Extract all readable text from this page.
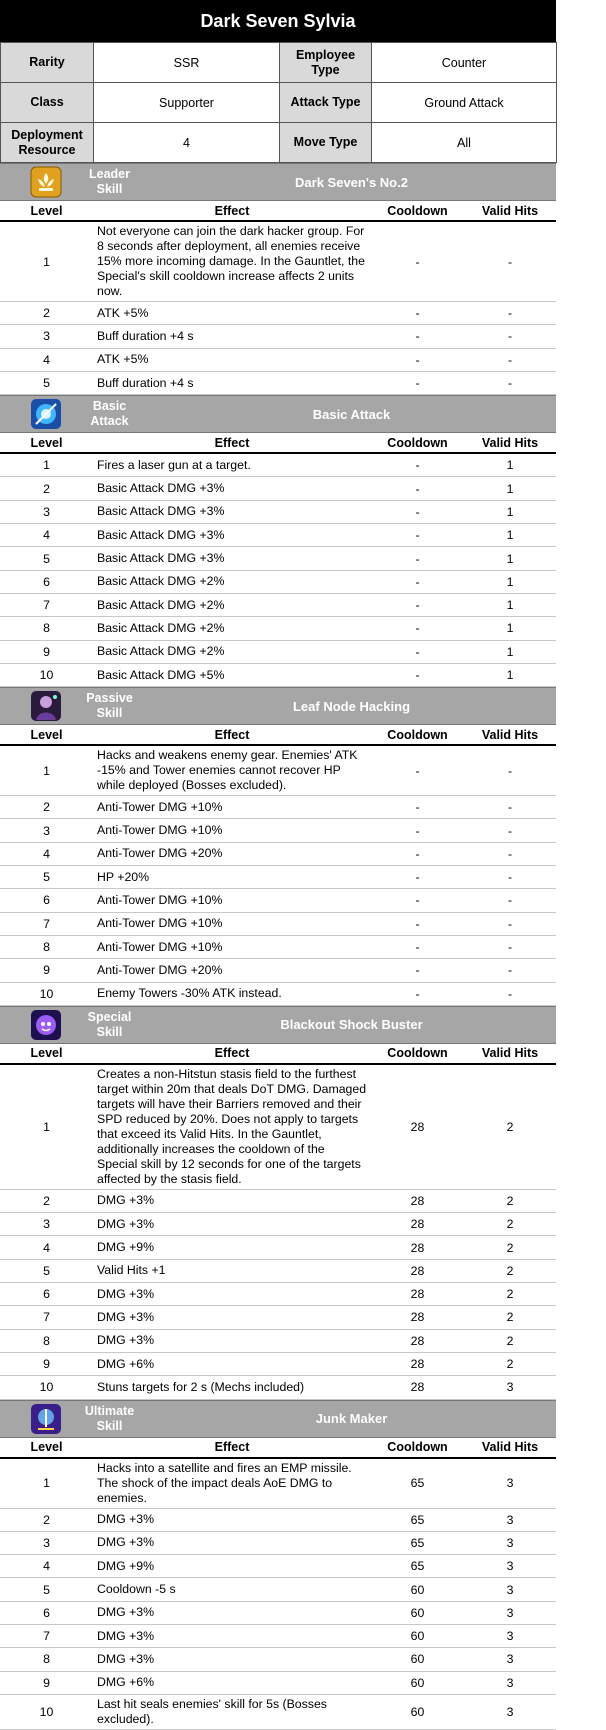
Dark Seven Sylvia
Rarity	SSR	Employee Type	Counter
Class	Supporter	Attack Type	Ground Attack
Deployment Resource	4	Move Type	All
Leader Skill	Dark Seven's No.2
Level	Effect	Cooldown	Valid Hits
1	Not everyone can join the dark hacker group. For 8 seconds after deployment, all enemies receive 15% more incoming damage. In the Gauntlet, the Special's skill cooldown increase affects 2 units now.	-	-
2	ATK +5%	-	-
3	Buff duration +4 s	-	-
4	ATK +5%	-	-
5	Buff duration +4 s	-	-
Basic Attack	Basic Attack
Level	Effect	Cooldown	Valid Hits
1	Fires a laser gun at a target.	-	1
2	Basic Attack DMG +3%	-	1
3	Basic Attack DMG +3%	-	1
4	Basic Attack DMG +3%	-	1
5	Basic Attack DMG +3%	-	1
6	Basic Attack DMG +2%	-	1
7	Basic Attack DMG +2%	-	1
8	Basic Attack DMG +2%	-	1
9	Basic Attack DMG +2%	-	1
10	Basic Attack DMG +5%	-	1
Passive Skill	Leaf Node Hacking
Level	Effect	Cooldown	Valid Hits
1	Hacks and weakens enemy gear. Enemies' ATK -15% and Tower enemies cannot recover HP while deployed (Bosses excluded).	-	-
2	Anti-Tower DMG +10%	-	-
3	Anti-Tower DMG +10%	-	-
4	Anti-Tower DMG +20%	-	-
5	HP +20%	-	-
6	Anti-Tower DMG +10%	-	-
7	Anti-Tower DMG +10%	-	-
8	Anti-Tower DMG +10%	-	-
9	Anti-Tower DMG +20%	-	-
10	Enemy Towers -30% ATK instead.	-	-
Special Skill	Blackout Shock Buster
Level	Effect	Cooldown	Valid Hits
1	Creates a non-Hitstun stasis field to the furthest target within 20m that deals DoT DMG. Damaged targets will have their Barriers removed and their SPD reduced by 20%. Does not apply to targets that exceed its Valid Hits. In the Gauntlet, additionally increases the cooldown of the Special skill by 12 seconds for one of the targets affected by the stasis field.	28	2
2	DMG +3%	28	2
3	DMG +3%	28	2
4	DMG +9%	28	2
5	Valid Hits +1	28	2
6	DMG +3%	28	2
7	DMG +3%	28	2
8	DMG +3%	28	2
9	DMG +6%	28	2
10	Stuns targets for 2 s (Mechs included)	28	3
Ultimate Skill	Junk Maker
Level	Effect	Cooldown	Valid Hits
1	Hacks into a satellite and fires an EMP missile. The shock of the impact deals AoE DMG to enemies.	65	3
2	DMG +3%	65	3
3	DMG +3%	65	3
4	DMG +9%	65	3
5	Cooldown -5 s	60	3
6	DMG +3%	60	3
7	DMG +3%	60	3
8	DMG +3%	60	3
9	DMG +6%	60	3
10	Last hit seals enemies' skill for 5s (Bosses excluded).	60	3
